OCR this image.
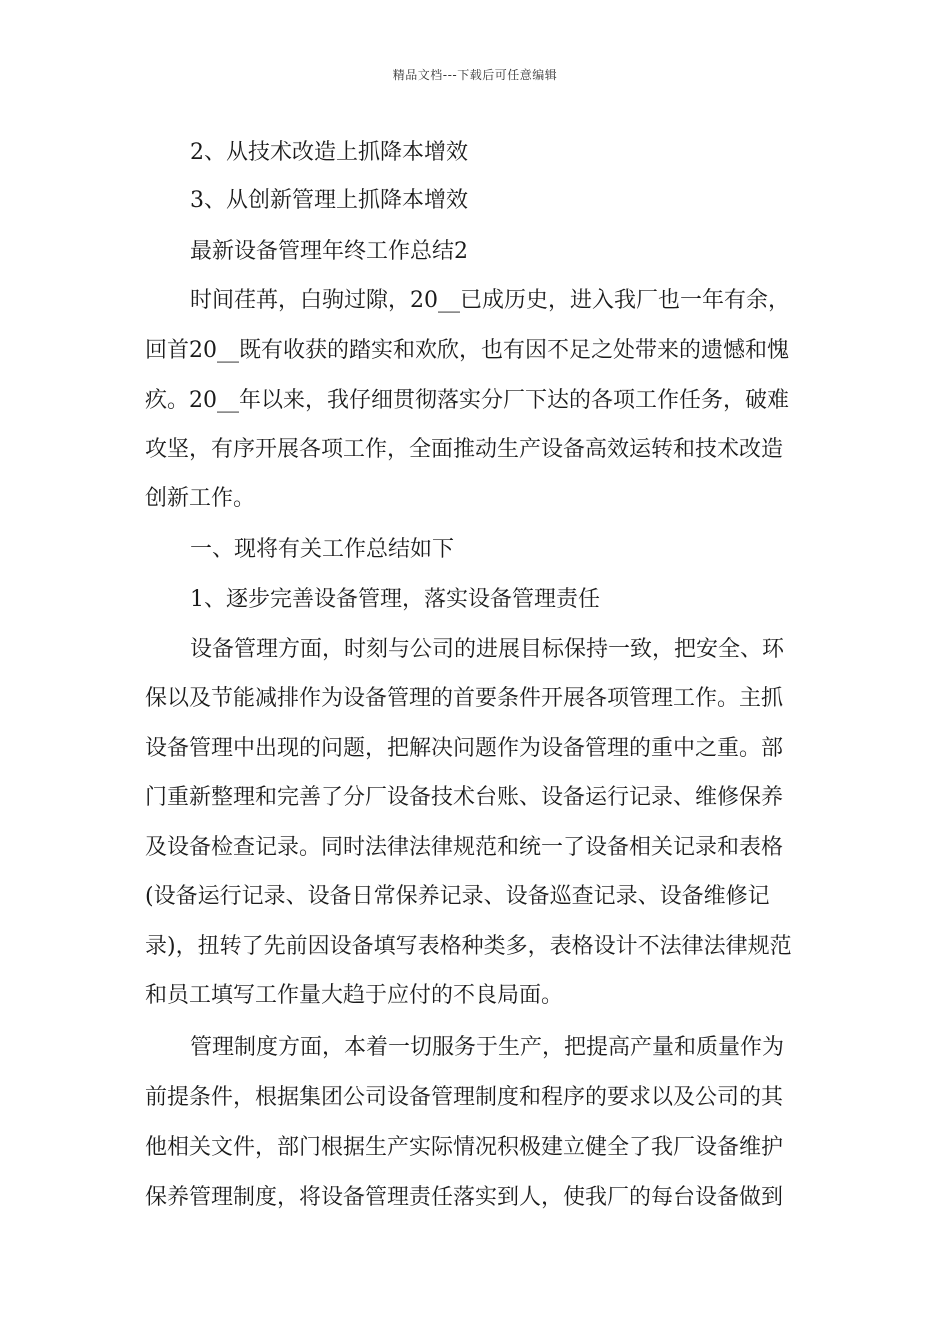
精品文档---下载后可任意编辑
2、从技术改造上抓降本增效
3、从创新管理上抓降本增效
最新设备管理年终工作总结2
时间荏苒，白驹过隙，20__已成历史，进入我厂也一年有余，
回首20__既有收获的踏实和欢欣，也有因不足之处带来的遗憾和愧
疚。20__年以来，我仔细贯彻落实分厂下达的各项工作任务，破难
攻坚，有序开展各项工作，全面推动生产设备高效运转和技术改造
创新工作。
一、现将有关工作总结如下
1、逐步完善设备管理，落实设备管理责任
设备管理方面，时刻与公司的进展目标保持一致，把安全、环
保以及节能减排作为设备管理的首要条件开展各项管理工作。主抓
设备管理中出现的问题，把解决问题作为设备管理的重中之重。部
门重新整理和完善了分厂设备技术台账、设备运行记录、维修保养
及设备检查记录。同时法律法律规范和统一了设备相关记录和表格
(设备运行记录、设备日常保养记录、设备巡查记录、设备维修记
录)，扭转了先前因设备填写表格种类多，表格设计不法律法律规范
和员工填写工作量大趋于应付的不良局面。
管理制度方面，本着一切服务于生产，把提高产量和质量作为
前提条件，根据集团公司设备管理制度和程序的要求以及公司的其
他相关文件，部门根据生产实际情况积极建立健全了我厂设备维护
保养管理制度，将设备管理责任落实到人，使我厂的每台设备做到
